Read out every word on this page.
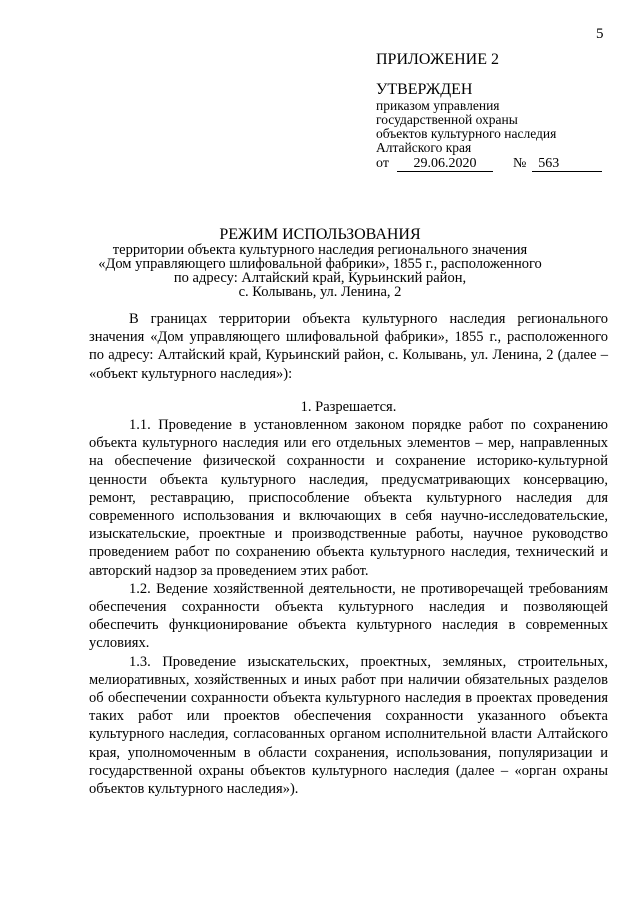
5
ПРИЛОЖЕНИЕ 2
УТВЕРЖДЕН
приказом управления
государственной охраны
объектов культурного наследия
Алтайского края
от	29.06.2020	№ 563
РЕЖИМ ИСПОЛЬЗОВАНИЯ
территории объекта культурного наследия регионального значения
«Дом управляющего шлифовальной фабрики», 1855 г., расположенного
по адресу: Алтайский край, Курьинский район,
с. Колывань, ул. Ленина, 2

В границах территории объекта культурного наследия регионального значения «Дом управляющего шлифовальной фабрики», 1855 г., расположенного по адресу: Алтайский край, Курьинский район, с. Колывань, ул. Ленина, 2 (далее – «объект культурного наследия»):

1. Разрешается.

1.1. Проведение в установленном законом порядке работ по сохранению объекта культурного наследия или его отдельных элементов – мер, направленных на обеспечение физической сохранности и сохранение историко-культурной ценности объекта культурного наследия, предусматривающих консервацию, ремонт, реставрацию, приспособление объекта культурного наследия для современного использования и включающих в себя научно-исследовательские, изыскательские, проектные и производственные работы, научное руководство проведением работ по сохранению объекта культурного наследия, технический и авторский надзор за проведением этих работ.

1.2. Ведение хозяйственной деятельности, не противоречащей требованиям обеспечения сохранности объекта культурного наследия и позволяющей обеспечить функционирование объекта культурного наследия в современных условиях.

1.3. Проведение изыскательских, проектных, земляных, строительных, мелиоративных, хозяйственных и иных работ при наличии обязательных разделов об обеспечении сохранности объекта культурного наследия в проектах проведения таких работ или проектов обеспечения сохранности указанного объекта культурного наследия, согласованных органом исполнительной власти Алтайского края, уполномоченным в области сохранения, использования, популяризации и государственной охраны объектов культурного наследия (далее – «орган охраны объектов культурного наследия»).
